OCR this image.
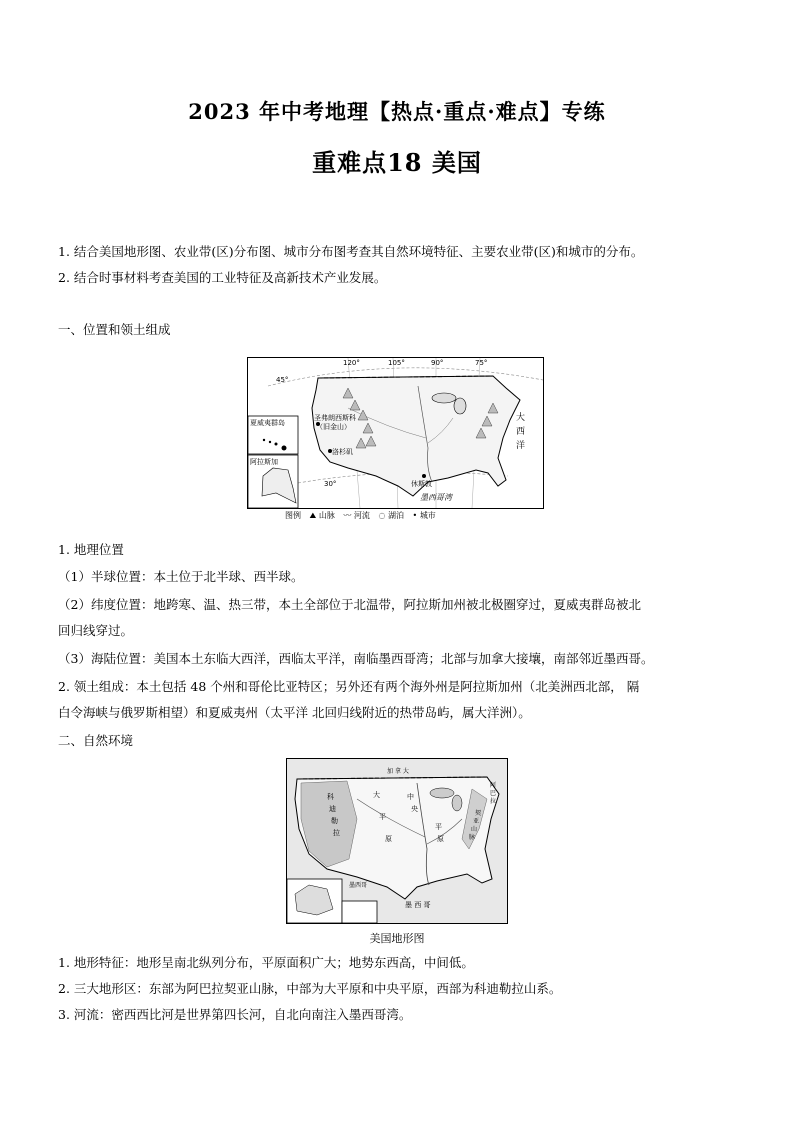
2023 年中考地理【热点·重点·难点】专练
重难点18 美国
1. 结合美国地形图、农业带(区)分布图、城市分布图考查其自然环境特征、主要农业带(区)和城市的分布。
2. 结合时事材料考查美国的工业特征及高新技术产业发展。
一、位置和领土组成
120°	105°	90°	75°
45°
30°
夏威夷群岛
阿拉斯加
圣弗朗西斯科
（旧金山）
洛杉矶
休斯敦
墨西哥湾
大
西
洋
图例 ⛰ 山脉 〰 河流 ◌ 湖泊 • 城市
1. 地理位置
（1）半球位置：本土位于北半球、西半球。
（2）纬度位置：地跨寒、温、热三带，本土全部位于北温带，阿拉斯加州被北极圈穿过，夏威夷群岛被北
回归线穿过。
（3）海陆位置：美国本土东临大西洋，西临太平洋，南临墨西哥湾；北部与加拿大接壤，南部邻近墨西哥。
2. 领土组成：本土包括 48 个州和哥伦比亚特区；另外还有两个海外州是阿拉斯加州（北美洲西北部， 隔
白令海峡与俄罗斯相望）和夏威夷州（太平洋 北回归线附近的热带岛屿，属大洋洲）。
二、自然环境
加 拿 大
科
迪
勒
拉
大
平
原
中
央
平
原
阿
巴
拉
契
亚
山
脉
墨西哥
墨 西 哥
美国地形图
1. 地形特征：地形呈南北纵列分布，平原面积广大；地势东西高，中间低。
2. 三大地形区：东部为阿巴拉契亚山脉，中部为大平原和中央平原，西部为科迪勒拉山系。
3. 河流：密西西比河是世界第四长河，自北向南注入墨西哥湾。
